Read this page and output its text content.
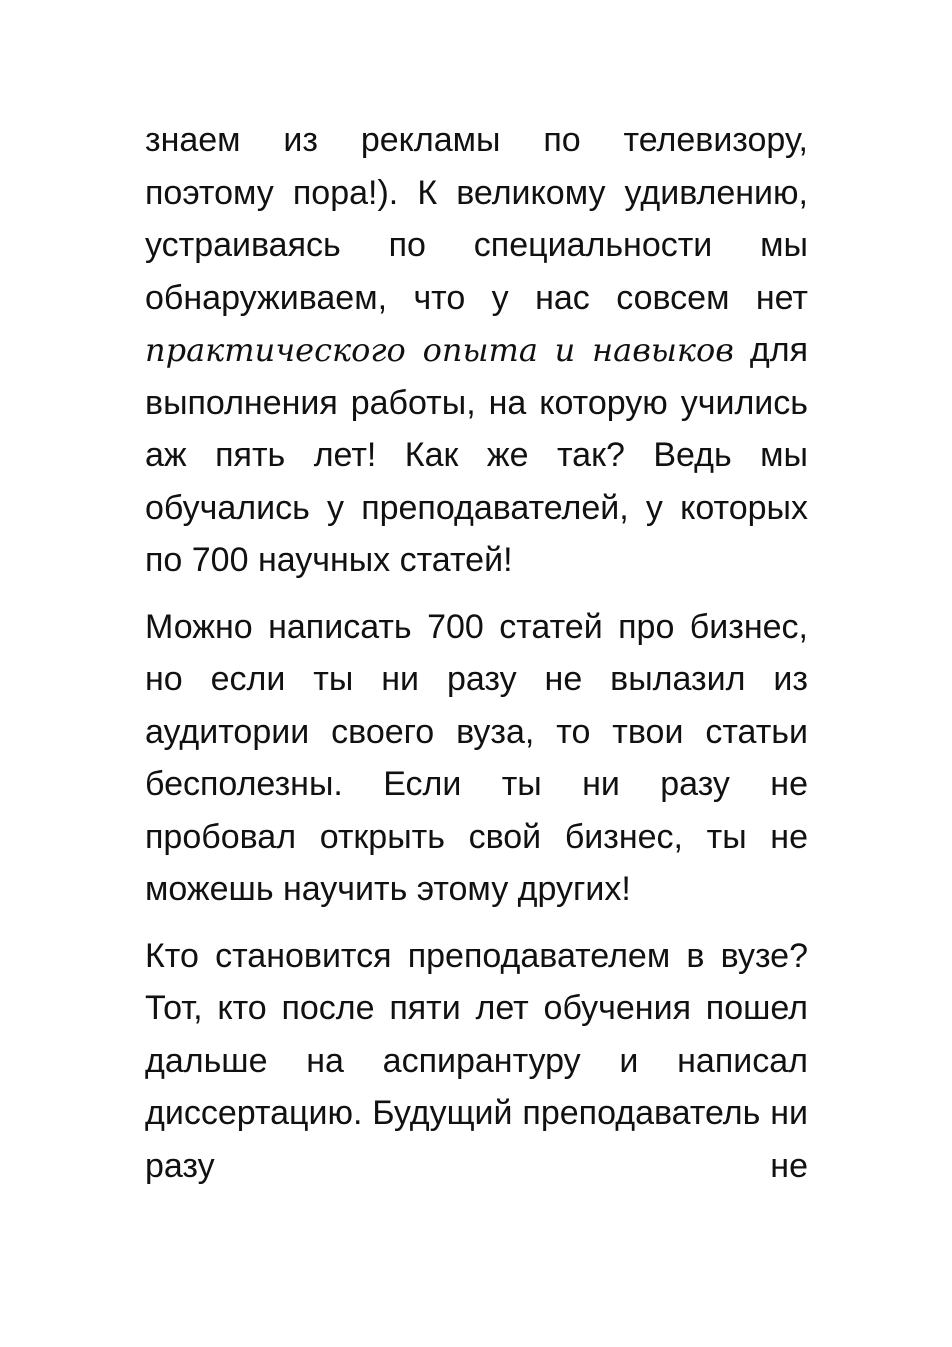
знаем из рекламы по телевизору, поэтому пора!). К великому удивлению, устраиваясь по специальности мы обнаруживаем, что у нас совсем нет практического опыта и навыков для выполнения работы, на которую учились аж пять лет! Как же так? Ведь мы обучались у преподавателей, у которых по 700 научных статей!

Можно написать 700 статей про бизнес, но если ты ни разу не вылазил из аудитории своего вуза, то твои статьи бесполезны. Если ты ни разу не пробовал открыть свой бизнес, ты не можешь научить этому других!

Кто становится преподавателем в вузе? Тот, кто после пяти лет обучения пошел дальше на аспирантуру и написал диссертацию. Будущий преподаватель ни разу не
